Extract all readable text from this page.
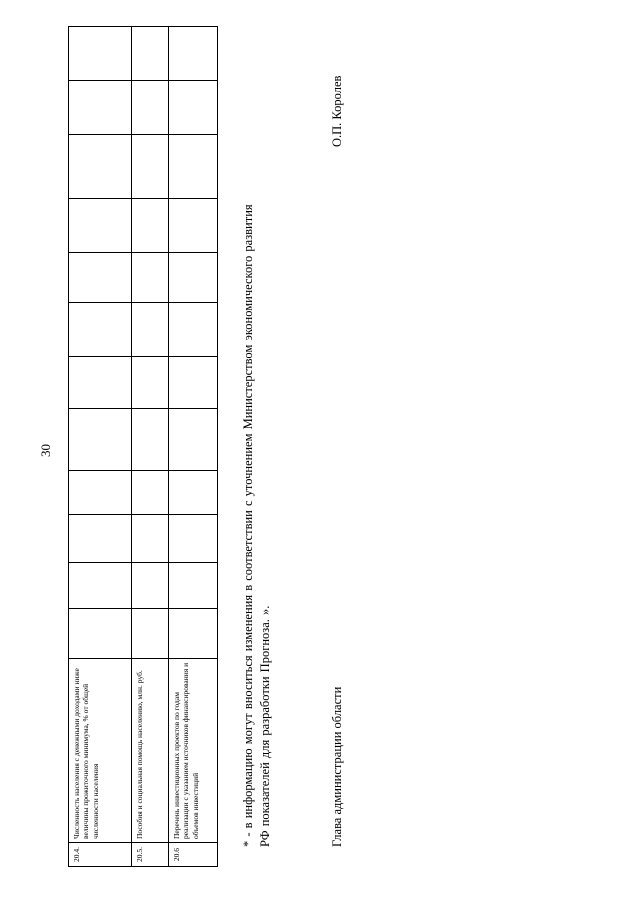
30
20.4.	Численность населения с денежными доходами ниже величины прожиточного минимума, % от общей численности населения												
20.5.	Пособия и социальная помощь населению, млн. руб.												
20.6	Перечень инвестиционных проектов по годам реализации с указанием источников финансирования и объемов инвестиций													* - в информацию могут вноситься изменения в соответствии с уточнением Министерством экономического развития РФ показателей для разработки Прогноза. ».	Глава администрации области
О.П. Королев
